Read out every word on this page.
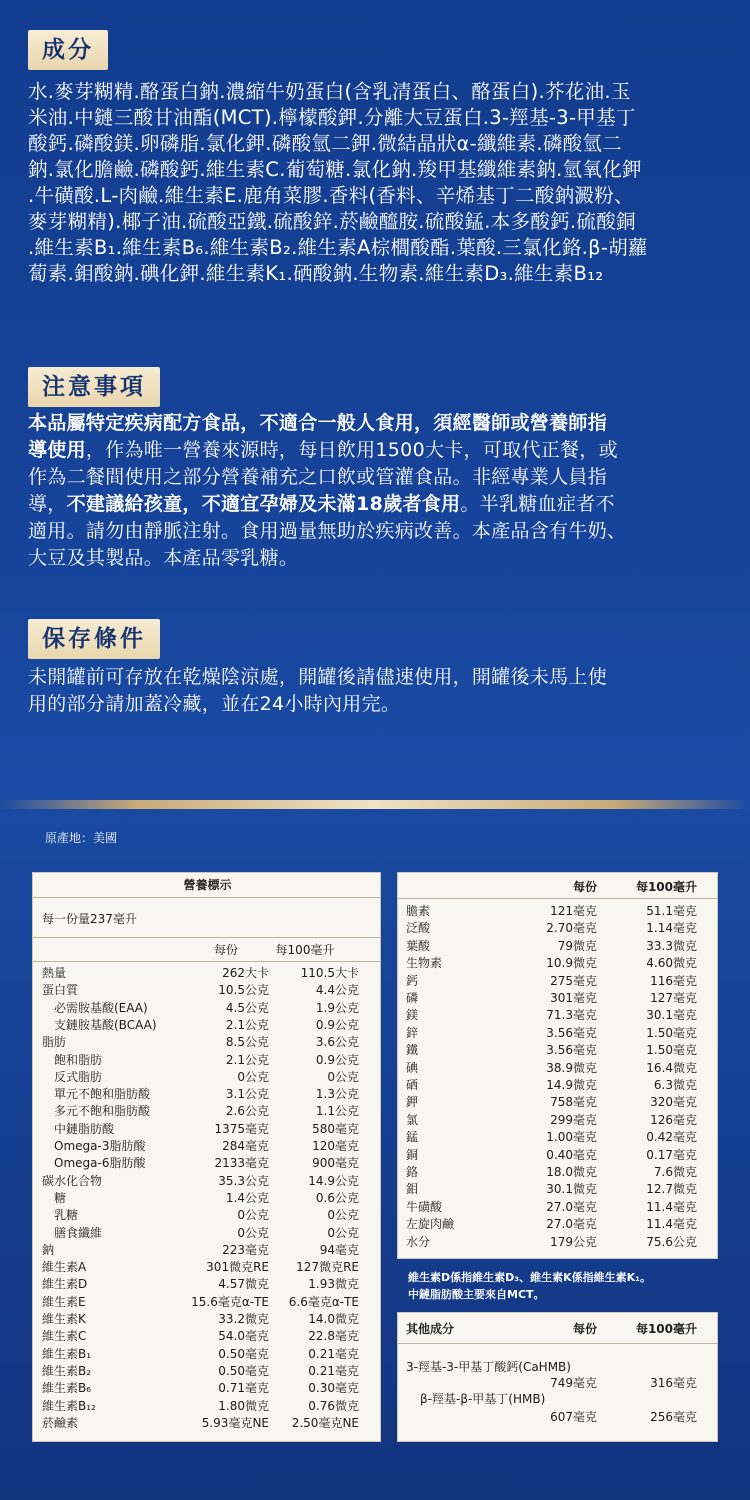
成分
水.麥芽糊精.酪蛋白鈉.濃縮牛奶蛋白(含乳清蛋白、酪蛋白).芥花油.玉
米油.中鏈三酸甘油酯(MCT).檸檬酸鉀.分離大豆蛋白.3-羥基-3-甲基丁
酸鈣.磷酸鎂.卵磷脂.氯化鉀.磷酸氫二鉀.微結晶狀α-纖維素.磷酸氫二
鈉.氯化膽鹼.磷酸鈣.維生素C.葡萄糖.氯化鈉.羧甲基纖維素鈉.氫氧化鉀
.牛磺酸.L-肉鹼.維生素E.鹿角菜膠.香料(香料、辛烯基丁二酸鈉澱粉、
麥芽糊精).椰子油.硫酸亞鐵.硫酸鋅.菸鹼醯胺.硫酸錳.本多酸鈣.硫酸銅
.維生素B₁.維生素B₆.維生素B₂.維生素A棕櫚酸酯.葉酸.三氯化鉻.β-胡蘿
蔔素.鉬酸鈉.碘化鉀.維生素K₁.硒酸鈉.生物素.維生素D₃.維生素B₁₂
注意事項
本品屬特定疾病配方食品，不適合一般人食用，須經醫師或營養師指
導使用，作為唯一營養來源時，每日飲用1500大卡，可取代正餐，或
作為二餐間使用之部分營養補充之口飲或管灌食品。非經專業人員指
導，不建議給孩童，不適宜孕婦及未滿18歲者食用。半乳糖血症者不
適用。請勿由靜脈注射。食用過量無助於疾病改善。本產品含有牛奶、
大豆及其製品。本產品零乳糖。
保存條件
未開罐前可存放在乾燥陰涼處，開罐後請儘速使用，開罐後未馬上使
用的部分請加蓋冷藏，並在24小時內用完。
原產地：美國
營養標示
每一份量237毫升
每份	每100毫升
熱量	262大卡	110.5大卡
蛋白質	10.5公克	4.4公克
必需胺基酸(EAA)	4.5公克	1.9公克
支鏈胺基酸(BCAA)	2.1公克	0.9公克
脂肪	8.5公克	3.6公克
飽和脂肪	2.1公克	0.9公克
反式脂肪	0公克	0公克
單元不飽和脂肪酸	3.1公克	1.3公克
多元不飽和脂肪酸	2.6公克	1.1公克
中鏈脂肪酸	1375毫克	580毫克
Omega-3脂肪酸	284毫克	120毫克
Omega-6脂肪酸	2133毫克	900毫克
碳水化合物	35.3公克	14.9公克
糖	1.4公克	0.6公克
乳糖	0公克	0公克
膳食纖維	0公克	0公克
鈉	223毫克	94毫克
維生素A	301微克RE	127微克RE
維生素D	4.57微克	1.93微克
維生素E	15.6毫克α-TE	6.6毫克α-TE
維生素K	33.2微克	14.0微克
維生素C	54.0毫克	22.8毫克
維生素B₁	0.50毫克	0.21毫克
維生素B₂	0.50毫克	0.21毫克
維生素B₆	0.71毫克	0.30毫克
維生素B₁₂	1.80微克	0.76微克
菸鹼素	5.93毫克NE	2.50毫克NE
每份	每100毫升
膽素	121毫克	51.1毫克
泛酸	2.70毫克	1.14毫克
葉酸	79微克	33.3微克
生物素	10.9微克	4.60微克
鈣	275毫克	116毫克
磷	301毫克	127毫克
鎂	71.3毫克	30.1毫克
鋅	3.56毫克	1.50毫克
鐵	3.56毫克	1.50毫克
碘	38.9微克	16.4微克
硒	14.9微克	6.3微克
鉀	758毫克	320毫克
氯	299毫克	126毫克
錳	1.00毫克	0.42毫克
銅	0.40毫克	0.17毫克
鉻	18.0微克	7.6微克
鉬	30.1微克	12.7微克
牛磺酸	27.0毫克	11.4毫克
左旋肉鹼	27.0毫克	11.4毫克
水分	179公克	75.6公克
維生素D係指維生素D₃、維生素K係指維生素K₁。
中鏈脂肪酸主要來自MCT。
其他成分	每份	每100毫升
3-羥基-3-甲基丁酸鈣(CaHMB)
749毫克	316毫克
β-羥基-β-甲基丁(HMB)
607毫克	256毫克
